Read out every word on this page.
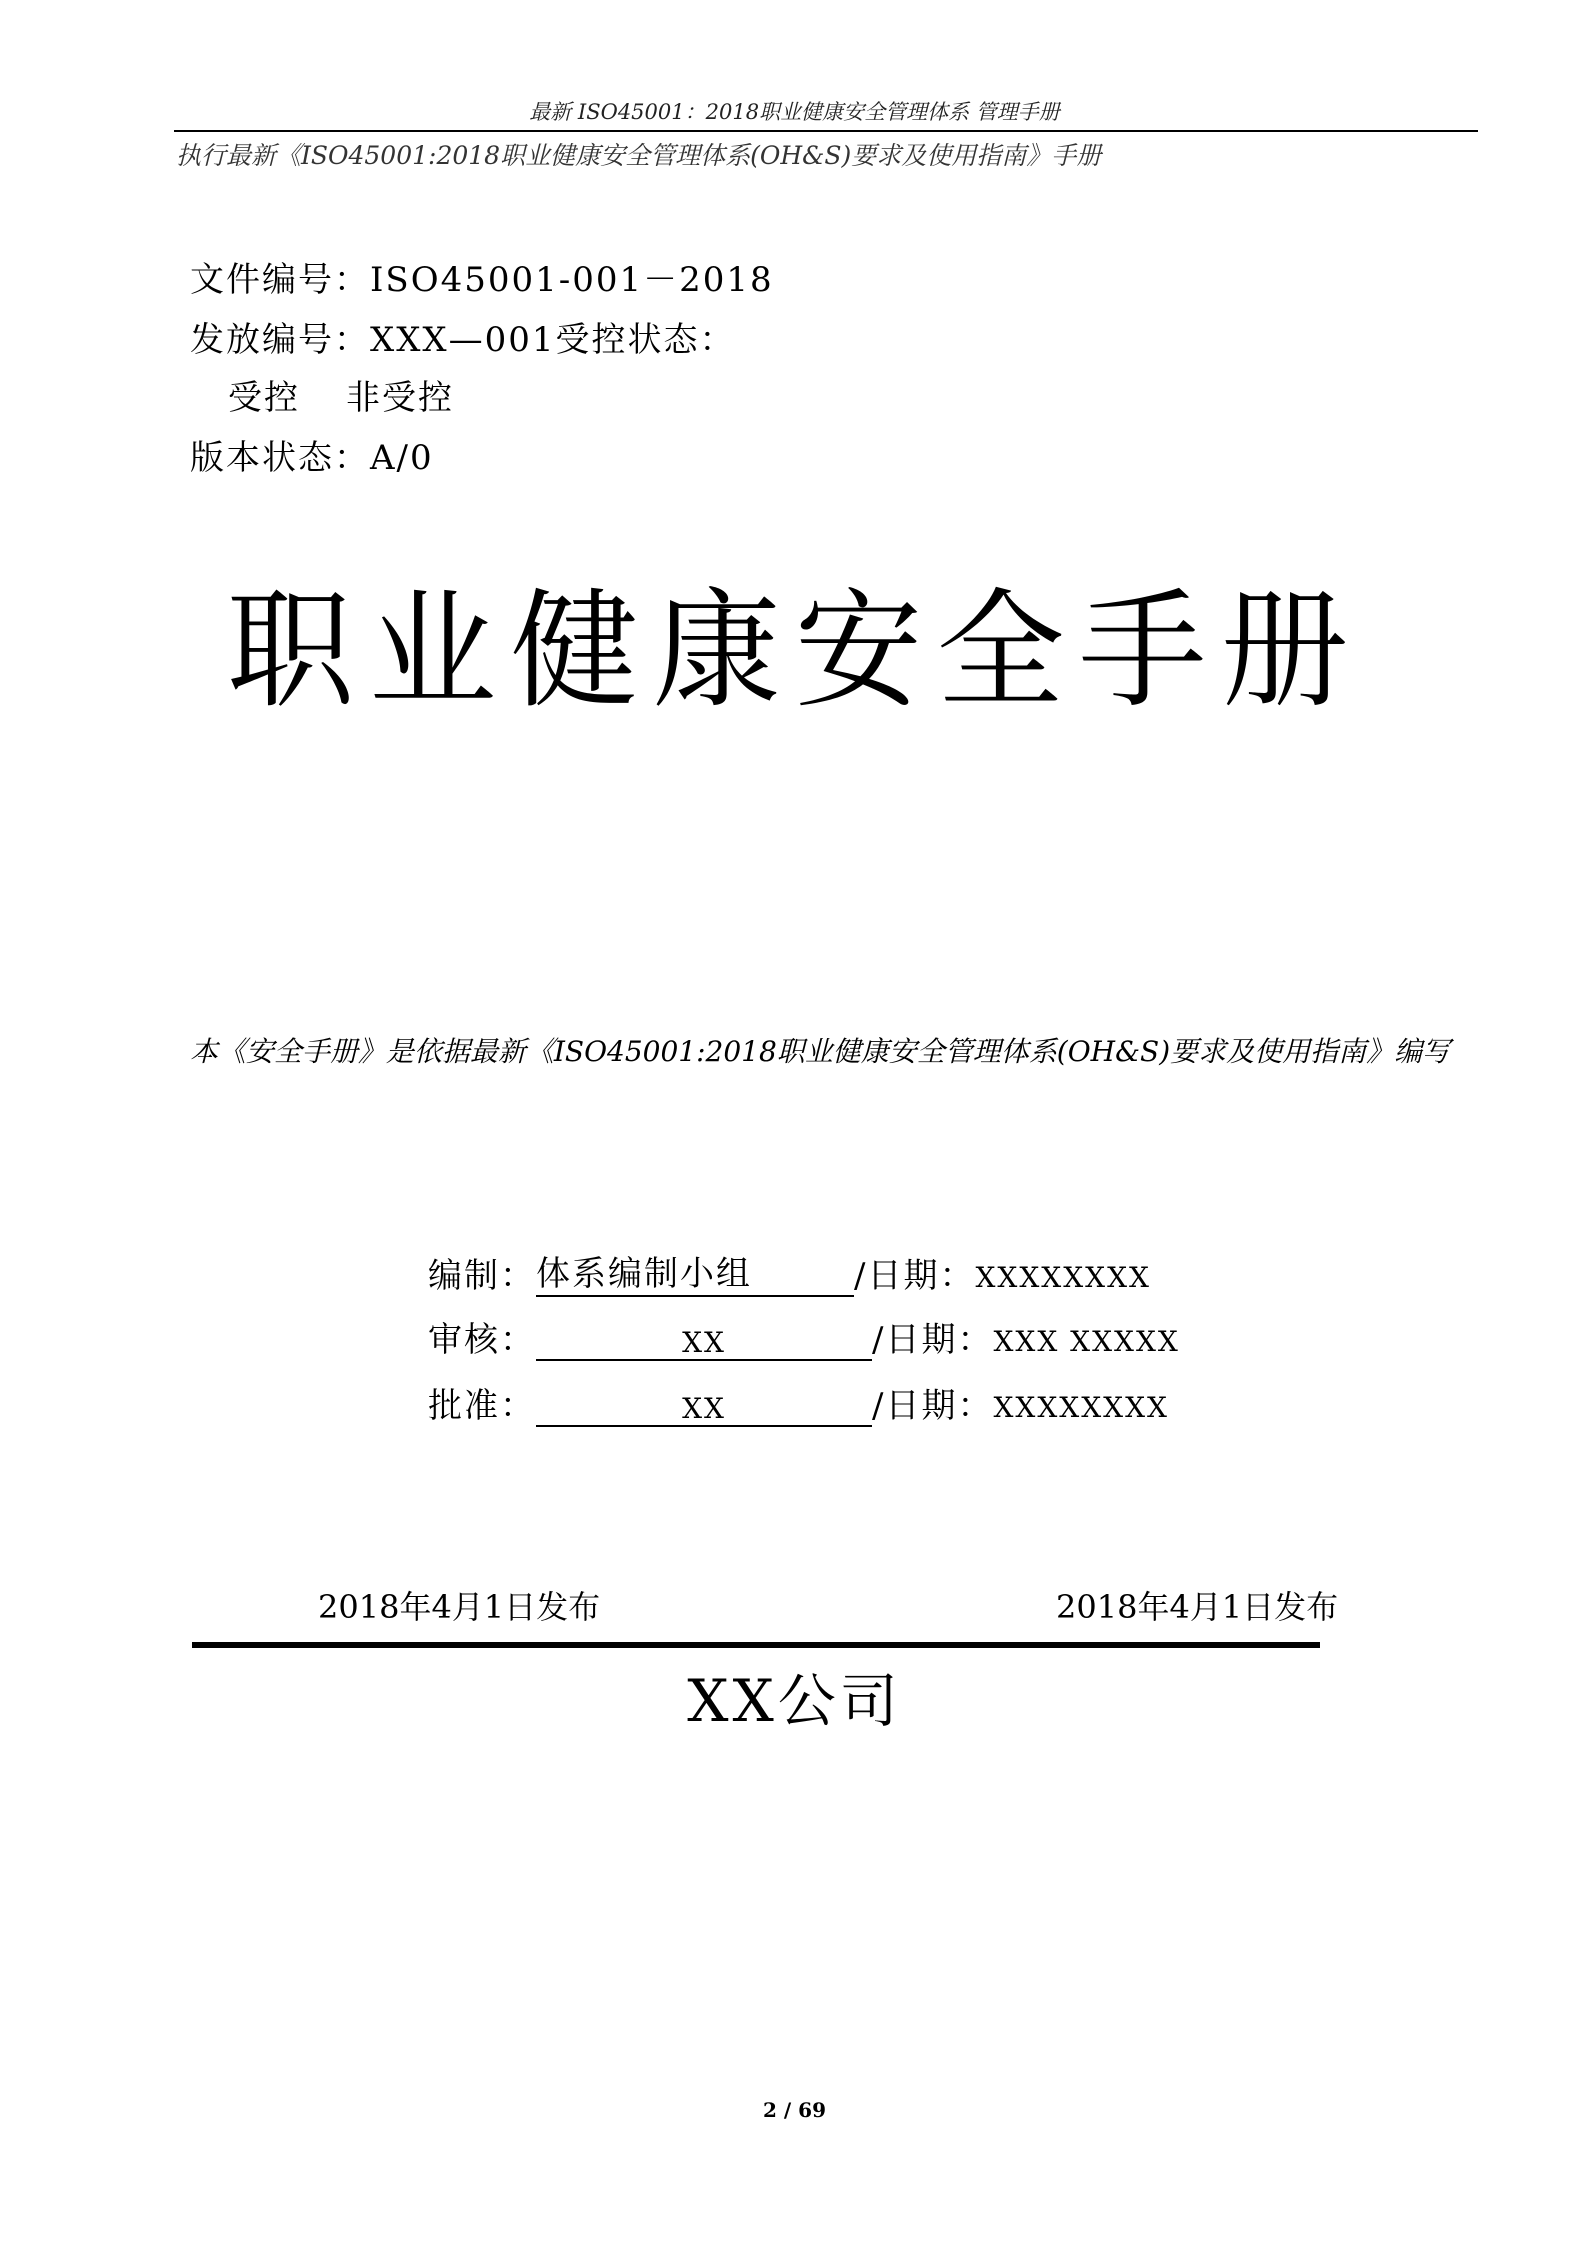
最新 ISO45001：2018职业健康安全管理体系 管理手册
执行最新《ISO45001:2018职业健康安全管理体系(OH&S)要求及使用指南》手册
文件编号：ISO45001-001－2018
发放编号：XXX—001受控状态：
受控 非受控
版本状态：A/0
职业健康安全手册
本《安全手册》是依据最新《ISO45001:2018职业健康安全管理体系(OH&S)要求及使用指南》编写
编制：体系编制小组	/日期：XXXXXXXX
审核：	XX	/日期：XXX XXXXX
批准：	XX	/日期：XXXXXXXX
2018年4月1日发布	2018年4月1日发布
XX公司
2 / 69
